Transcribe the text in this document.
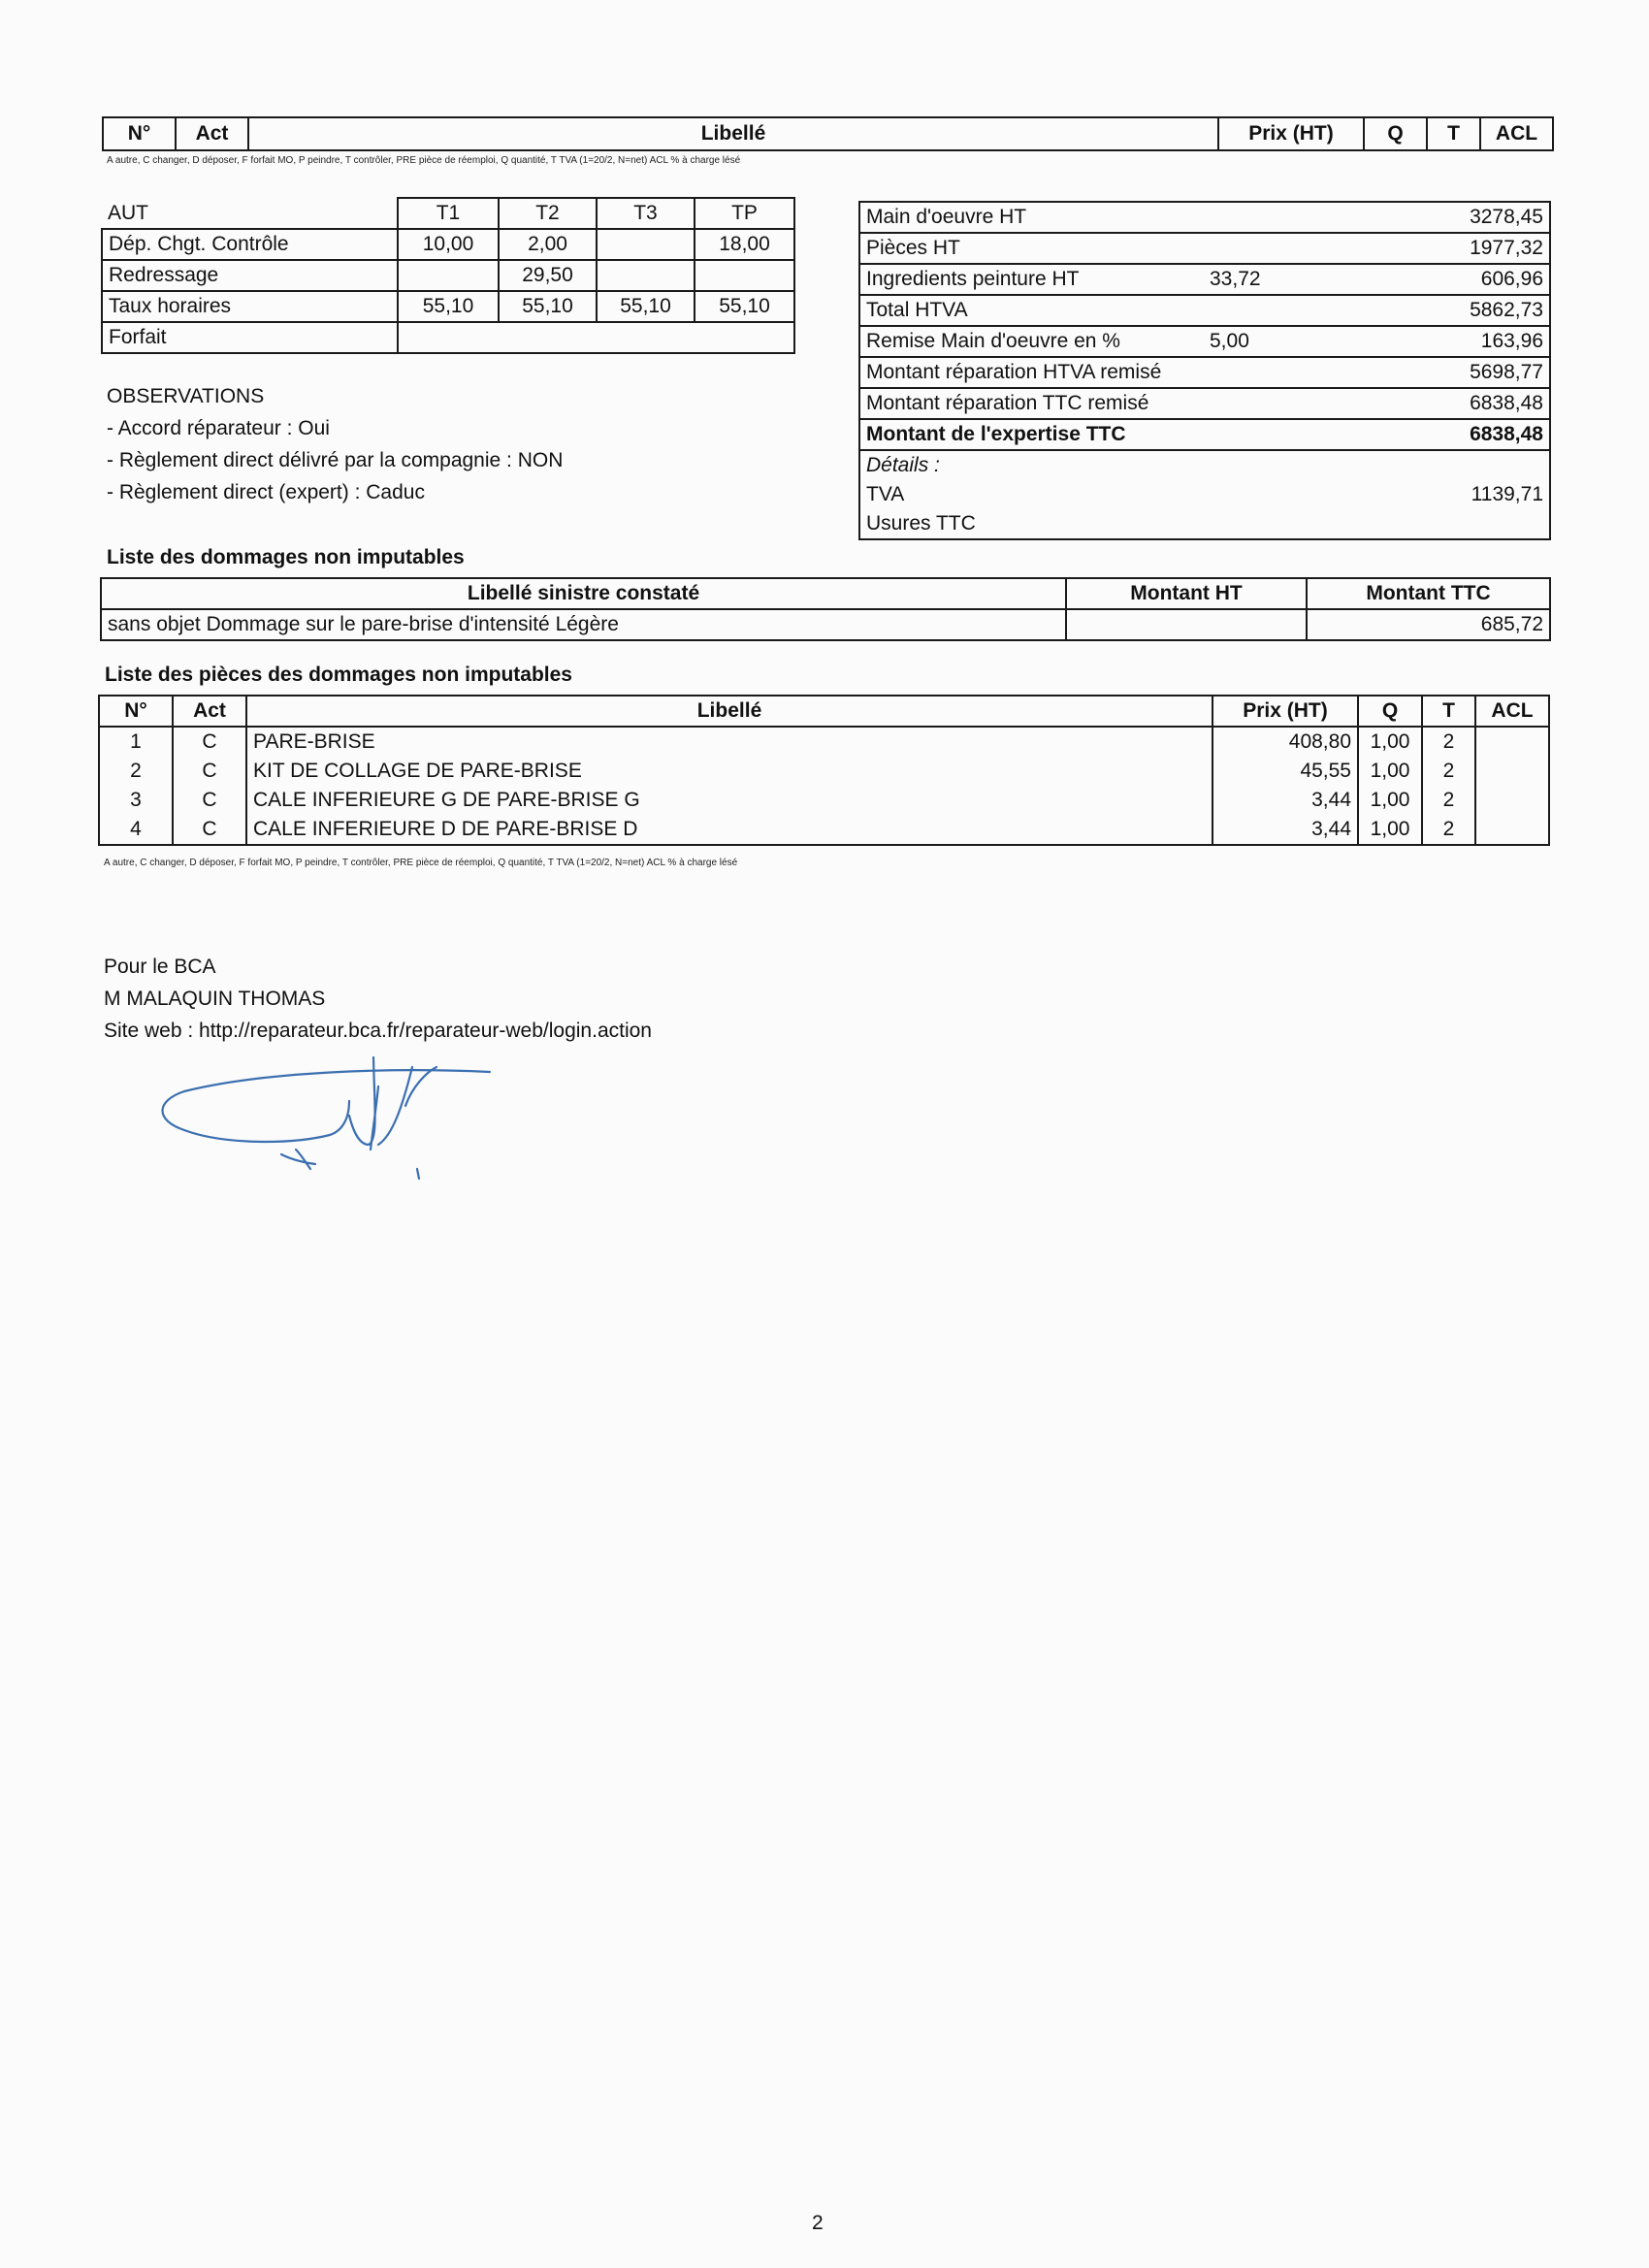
N°	Act	Libellé	Prix (HT)	Q	T	ACL
A autre, C changer, D déposer, F forfait MO, P peindre, T contrôler, PRE pièce de réemploi, Q quantité, T TVA (1=20/2, N=net) ACL % à charge lésé
AUT	T1	T2	T3	TP
Dép. Chgt. Contrôle	10,00	2,00		18,00
Redressage		29,50		
Taux horaires	55,10	55,10	55,10	55,10
Forfait				
OBSERVATIONS
- Accord réparateur : Oui
- Règlement direct délivré par la compagnie : NON
- Règlement direct (expert) : Caduc
Main d'oeuvre HT		3278,45
Pièces HT		1977,32
Ingredients peinture HT	33,72	606,96
Total HTVA		5862,73
Remise Main d'oeuvre en %	5,00	163,96
Montant réparation HTVA remisé		5698,77
Montant réparation TTC remisé		6838,48
Montant de l'expertise TTC		6838,48
Détails :		
TVA		1139,71
Usures TTC		
Liste des dommages non imputables
Libellé sinistre constaté	Montant HT	Montant TTC
sans objet Dommage sur le pare-brise d'intensité Légère		685,72
Liste des pièces des dommages non imputables
N°	Act	Libellé	Prix (HT)	Q	T	ACL
1	C	PARE-BRISE	408,80	1,00	2	
2	C	KIT DE COLLAGE DE PARE-BRISE	45,55	1,00	2	
3	C	CALE INFERIEURE G DE PARE-BRISE G	3,44	1,00	2	
4	C	CALE INFERIEURE D DE PARE-BRISE D	3,44	1,00	2	
A autre, C changer, D déposer, F forfait MO, P peindre, T contrôler, PRE pièce de réemploi, Q quantité, T TVA (1=20/2, N=net) ACL % à charge lésé
Pour le BCA
M MALAQUIN THOMAS
Site web : http://reparateur.bca.fr/reparateur-web/login.action
2
